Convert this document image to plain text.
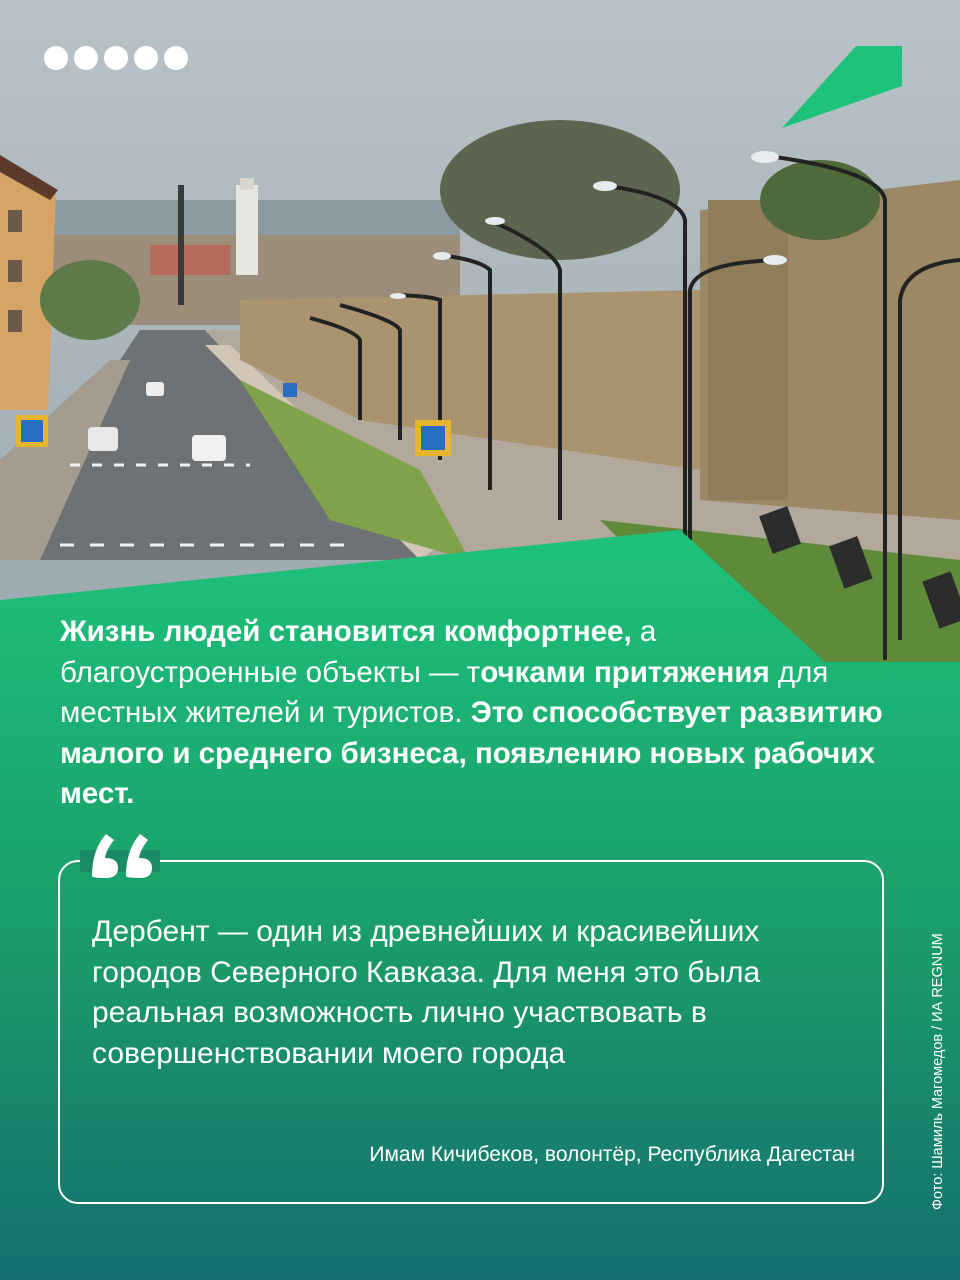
Жизнь людей становится комфортнее, а благоустроенные объекты — точками притяжения для местных жителей и туристов. Это способствует развитию малого и среднего бизнеса, появлению новых рабочих мест.

Дербент — один из древнейших и красивейших городов Северного Кавказа. Для меня это была реальная возможность лично участвовать в совершенствовании моего города

Имам Кичибеков, волонтёр, Республика Дагестан	Фото: Шамиль Магомедов / ИА REGNUM
